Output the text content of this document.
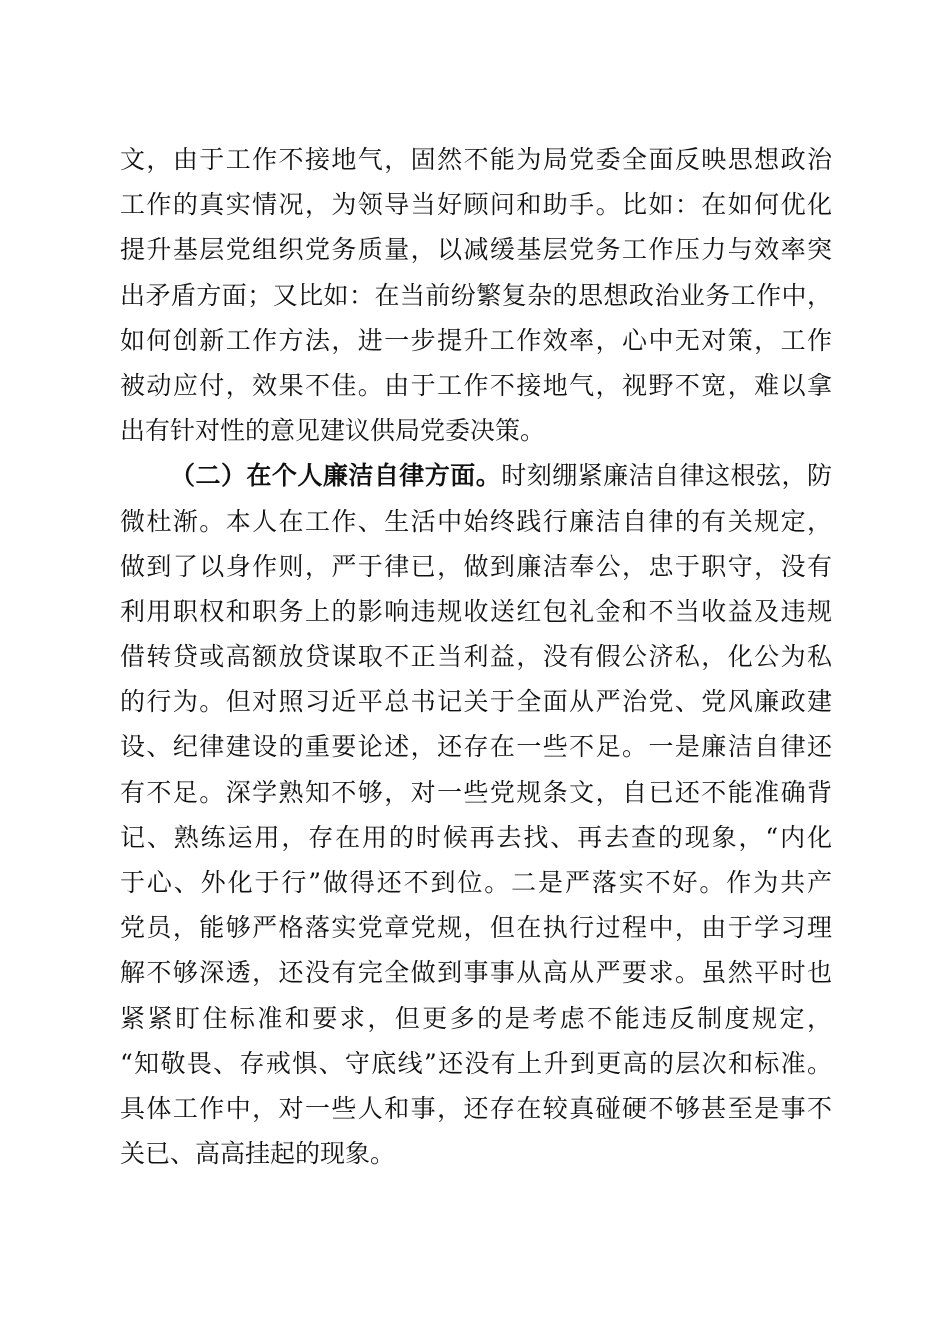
文，由于工作不接地气，固然不能为局党委全面反映思想政治
工作的真实情况，为领导当好顾问和助手。比如：在如何优化
提升基层党组织党务质量，以减缓基层党务工作压力与效率突
出矛盾方面；又比如：在当前纷繁复杂的思想政治业务工作中，
如何创新工作方法，进一步提升工作效率，心中无对策，工作
被动应付，效果不佳。由于工作不接地气，视野不宽，难以拿
出有针对性的意见建议供局党委决策。
（二）在个人廉洁自律方面。时刻绷紧廉洁自律这根弦，防
微杜渐。本人在工作、生活中始终践行廉洁自律的有关规定，
做到了以身作则，严于律已，做到廉洁奉公，忠于职守，没有
利用职权和职务上的影响违规收送红包礼金和不当收益及违规
借转贷或高额放贷谋取不正当利益，没有假公济私，化公为私
的行为。但对照习近平总书记关于全面从严治党、党风廉政建
设、纪律建设的重要论述，还存在一些不足。一是廉洁自律还
有不足。深学熟知不够，对一些党规条文，自已还不能准确背
记、熟练运用，存在用的时候再去找、再去查的现象，“内化
于心、外化于行”做得还不到位。二是严落实不好。作为共产
党员，能够严格落实党章党规，但在执行过程中，由于学习理
解不够深透，还没有完全做到事事从高从严要求。虽然平时也
紧紧盯住标准和要求，但更多的是考虑不能违反制度规定，
“知敬畏、存戒惧、守底线”还没有上升到更高的层次和标准。
具体工作中，对一些人和事，还存在较真碰硬不够甚至是事不
关已、高高挂起的现象。
